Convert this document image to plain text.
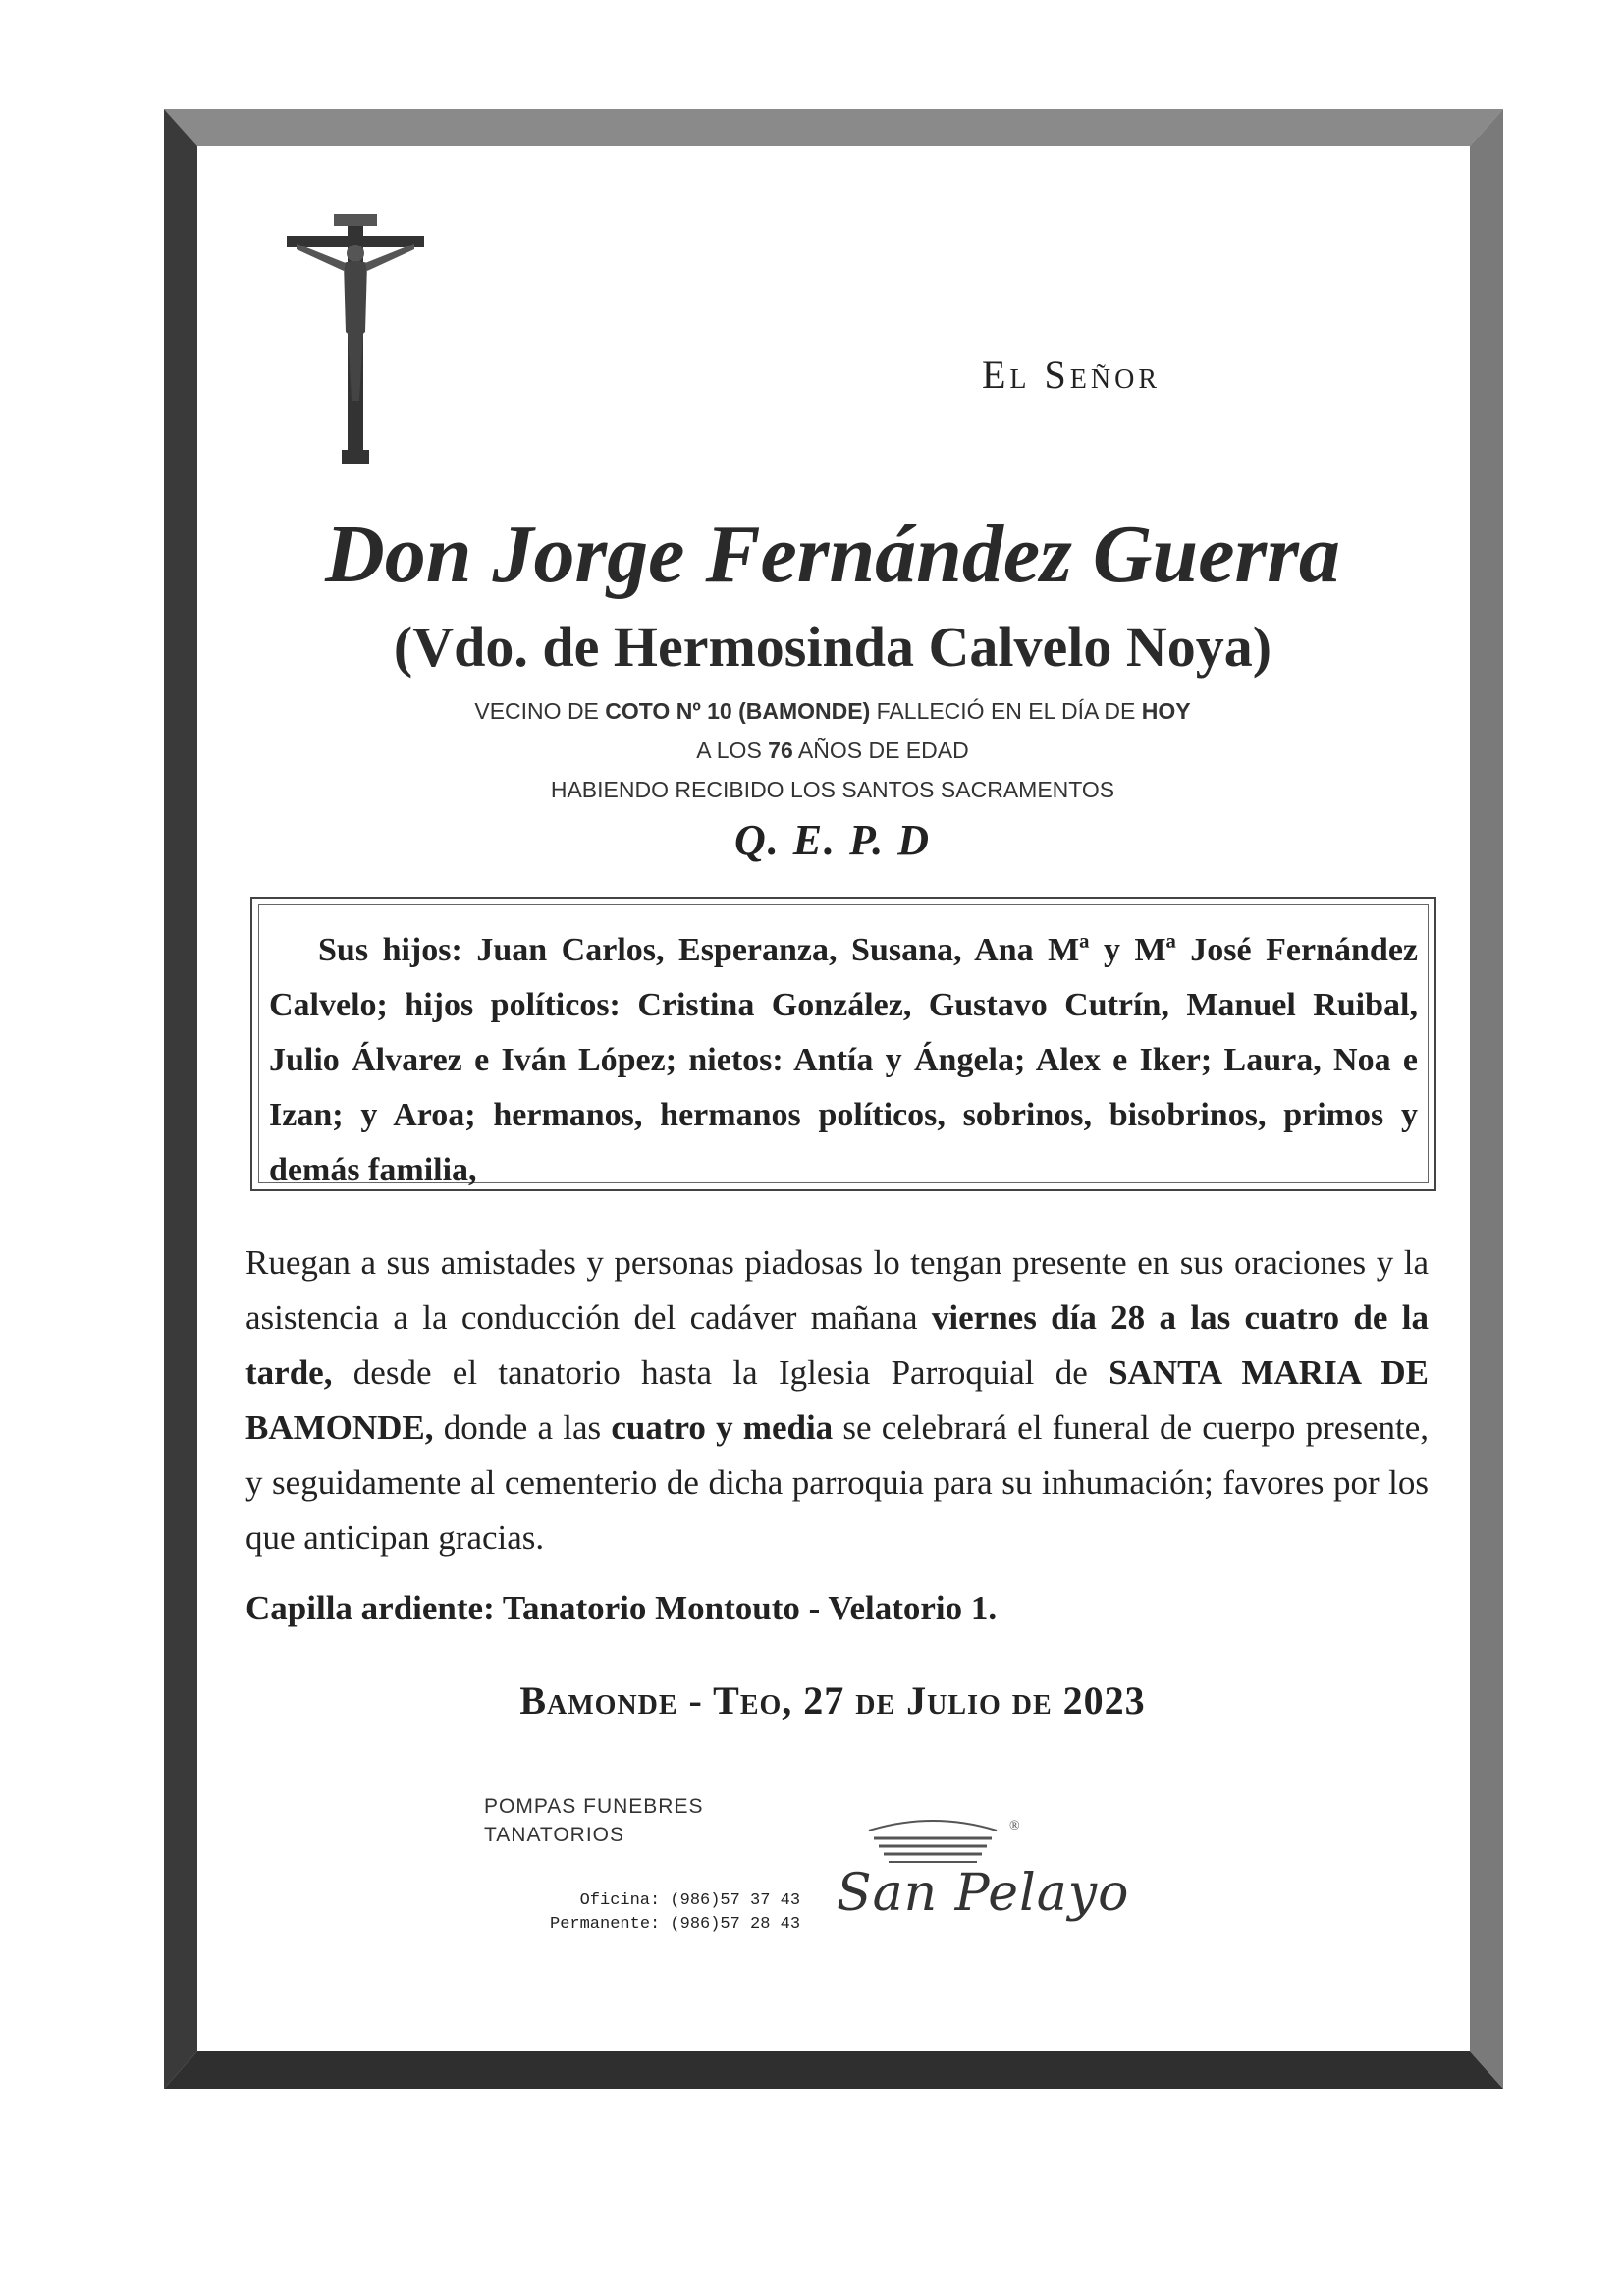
El Señor
Don Jorge Fernández Guerra
(Vdo. de Hermosinda Calvelo Noya)
VECINO DE COTO Nº 10 (BAMONDE) FALLECIÓ EN EL DÍA DE HOY
A LOS 76 AÑOS DE EDAD
HABIENDO RECIBIDO LOS SANTOS SACRAMENTOS
Q. E. P. D
Sus hijos: Juan Carlos, Esperanza, Susana, Ana Mª y Mª José Fernández Calvelo; hijos políticos: Cristina González, Gustavo Cutrín, Manuel Ruibal, Julio Álvarez e Iván López; nietos: Antía y Ángela; Alex e Iker; Laura, Noa e Izan; y Aroa; hermanos, hermanos políticos, sobrinos, bisobrinos, primos y demás familia,
Ruegan a sus amistades y personas piadosas lo tengan presente en sus oraciones y la asistencia a la conducción del cadáver mañana viernes día 28 a las cuatro de la tarde, desde el tanatorio hasta la Iglesia Parroquial de SANTA MARIA DE BAMONDE, donde a las cuatro y media se celebrará el funeral de cuerpo presente, y seguidamente al cementerio de dicha parroquia para su inhumación; favores por los que anticipan gracias.
Capilla ardiente: Tanatorio Montouto - Velatorio 1.
Bamonde - Teo, 27 de Julio de 2023
POMPAS FUNEBRES
TANATORIOS
Oficina: (986)57 37 43
Permanente: (986)57 28 43
San Pelayo
®
